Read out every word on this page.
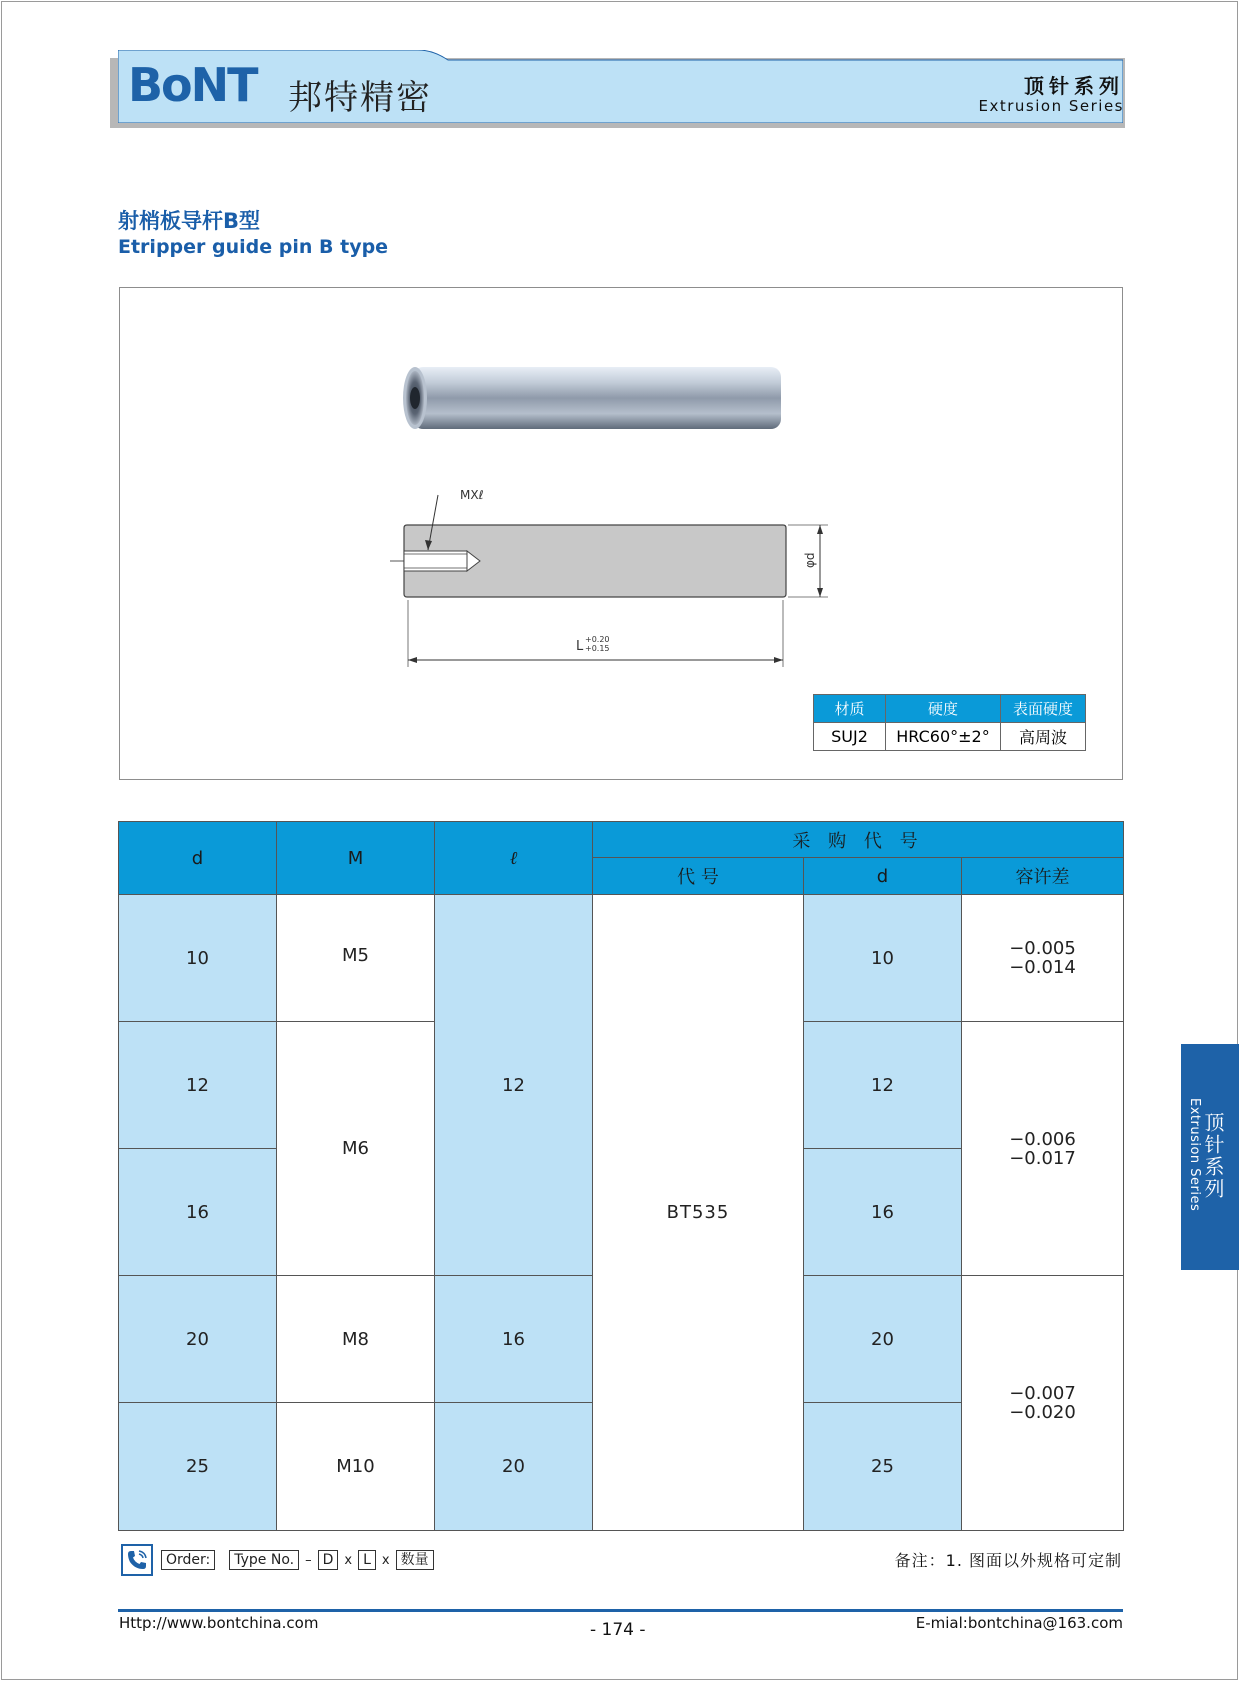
BoNT 邦特精密	顶针系列
Extrusion Series
射梢板导杆B型
Etripper guide pin B type
MXℓ
φd
L +0.20
+0.15
材质	硬度	表面硬度
SUJ2	HRC60°±2°	高周波
d	M	ℓ	采 购 代 号		
			代 号	d	容许差
10	M5	12	BT535	10	−0.005
−0.014

12	M6			12	−0.006
−0.017

16				16	
20	M8	16		20	−0.007
−0.020

25	M10	20		25	
Order:	Type No. – D x L x 数量	备注：1. 图面以外规格可定制
Http://www.bontchina.com	- 174 -	E-mial:bontchina@163.com
顶针系列
Extrusion Series
